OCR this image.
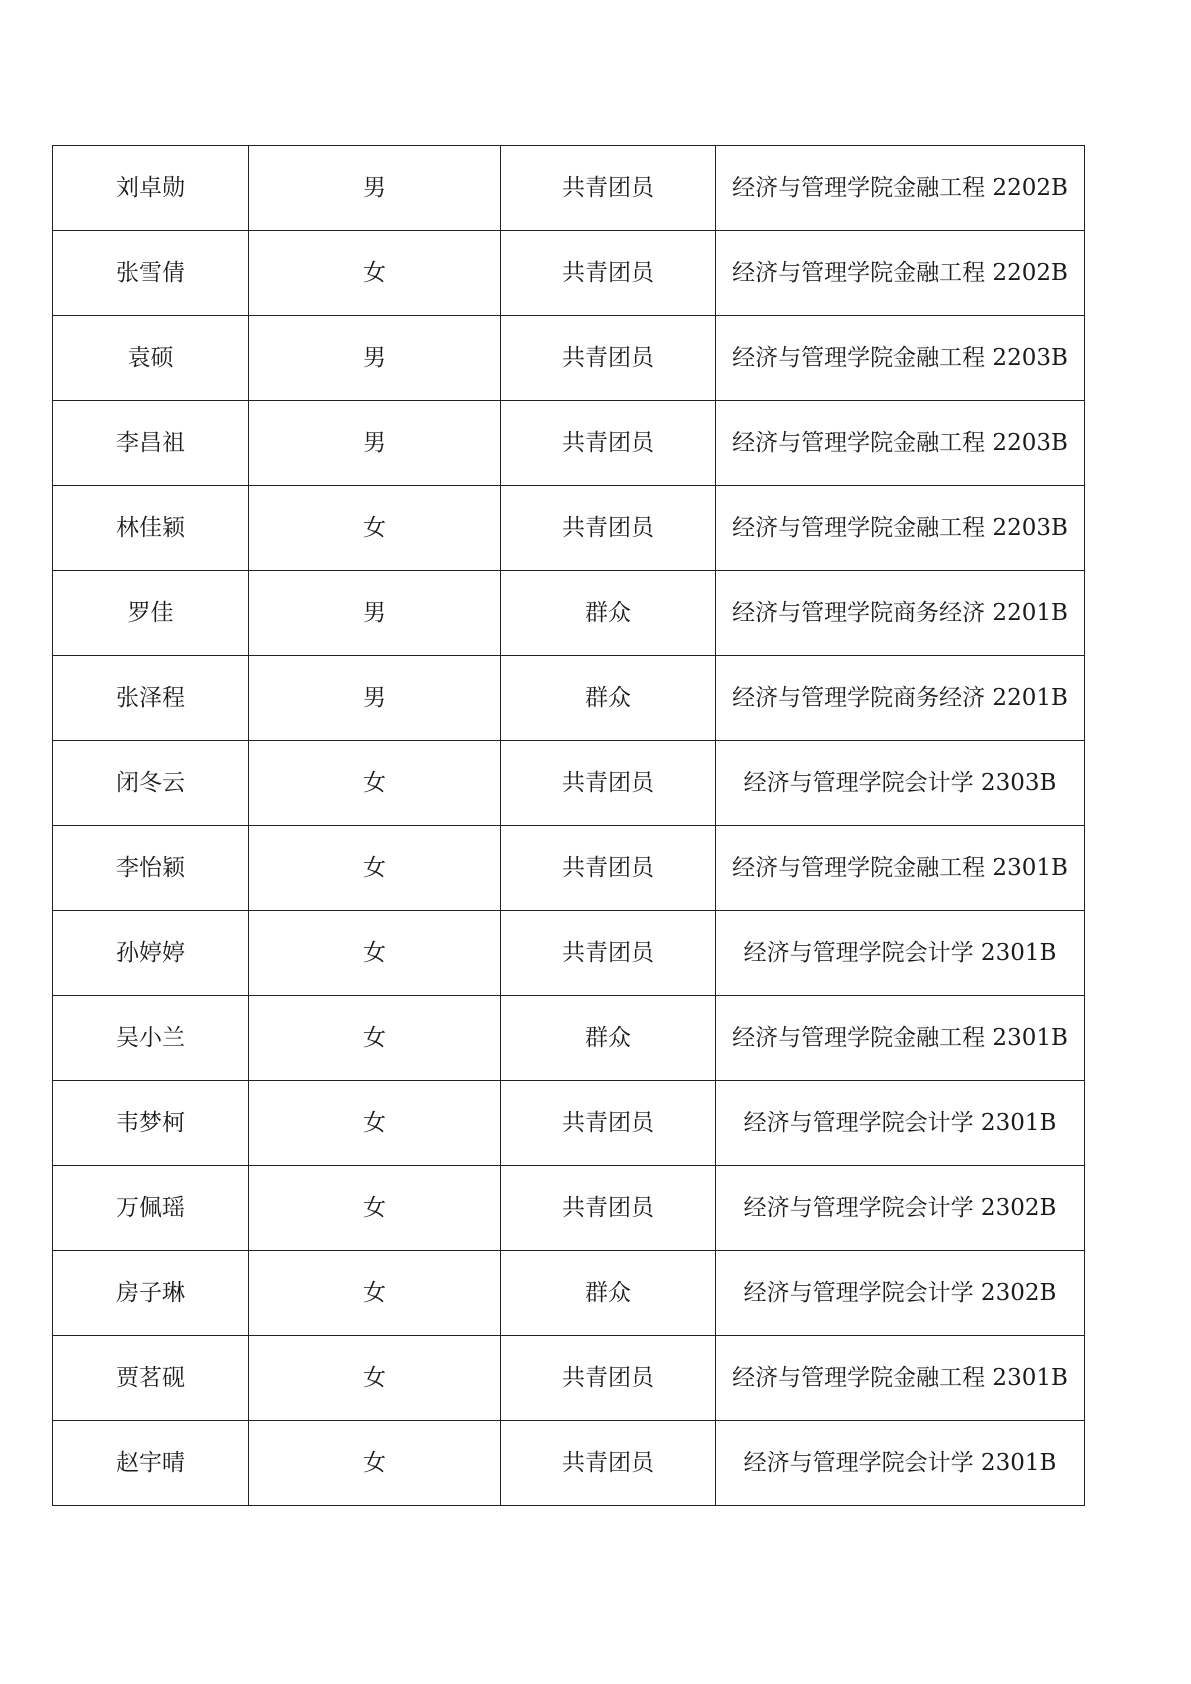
刘卓勋	男	共青团员	经济与管理学院金融工程 2202B
张雪倩	女	共青团员	经济与管理学院金融工程 2202B
袁硕	男	共青团员	经济与管理学院金融工程 2203B
李昌祖	男	共青团员	经济与管理学院金融工程 2203B
林佳颖	女	共青团员	经济与管理学院金融工程 2203B
罗佳	男	群众	经济与管理学院商务经济 2201B
张泽程	男	群众	经济与管理学院商务经济 2201B
闭冬云	女	共青团员	经济与管理学院会计学 2303B
李怡颖	女	共青团员	经济与管理学院金融工程 2301B
孙婷婷	女	共青团员	经济与管理学院会计学 2301B
吴小兰	女	群众	经济与管理学院金融工程 2301B
韦梦柯	女	共青团员	经济与管理学院会计学 2301B
万佩瑶	女	共青团员	经济与管理学院会计学 2302B
房子琳	女	群众	经济与管理学院会计学 2302B
贾茗砚	女	共青团员	经济与管理学院金融工程 2301B
赵宇晴	女	共青团员	经济与管理学院会计学 2301B
